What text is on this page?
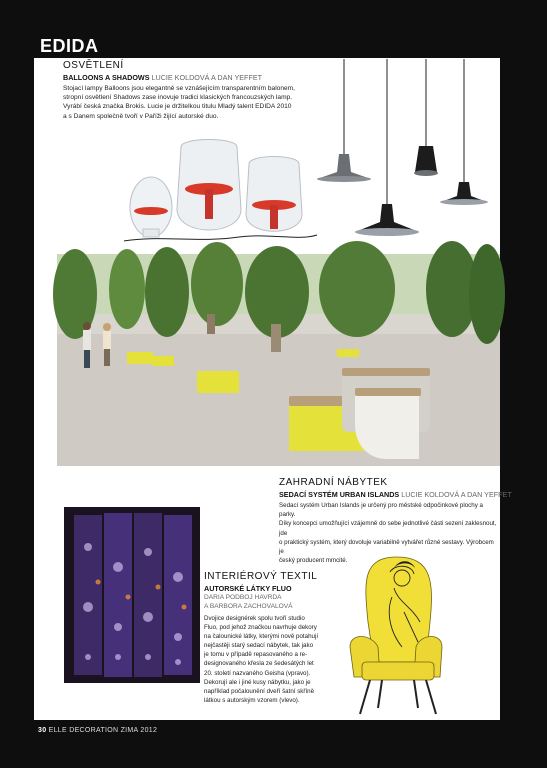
EDIDA
OSVĚTLENÍ
BALLOONS A SHADOWS LUCIE KOLDOVÁ A DAN YEFFET
Stojací lampy Balloons jsou elegantně se vznášejícím transparentním balonem,
stropní osvětlení Shadows zase inovuje tradici klasických francouzských lamp.
Vyrábí česká značka Brokis. Lucie je držitelkou titulu Mladý talent EDIDA 2010
a s Danem společně tvoří v Paříži žijící autorské duo.
ZAHRADNÍ NÁBYTEK
SEDACÍ SYSTÉM URBAN ISLANDS LUCIE KOLDOVÁ A DAN YEFFET
Sedací systém Urban Islands je určený pro městské odpočinkové plochy a parky.
Díky koncepci umožňující vzájemně do sebe jednotlivé části sezení zaklesnout, jde
o praktický systém, který dovoluje variabilně vytvářet různé sestavy. Výrobcem je
český producent mmcité.
INTERIÉROVÝ TEXTIL
AUTORSKÉ LÁTKY FLUO
DARIA PODBOJ HAVRDA
A BARBORA ZACHOVALOVÁ
Dvojice designérek spolu tvoří studio
Fluo, pod jehož značkou navrhuje dekory
na čalounické látky, kterými nově potahují
nejčastěji starý sedací nábytek, tak jako
je tomu v případě repasovaného a re-
designovaného křesla ze šedesátých let
20. století nazvaného Geisha (vpravo).
Dekorují ale i jiné kusy nábytku, jako je
například počalounění dveří šatní skříně
látkou s autorským vzorem (vlevo).
30 ELLE DECORATION ZIMA 2012
